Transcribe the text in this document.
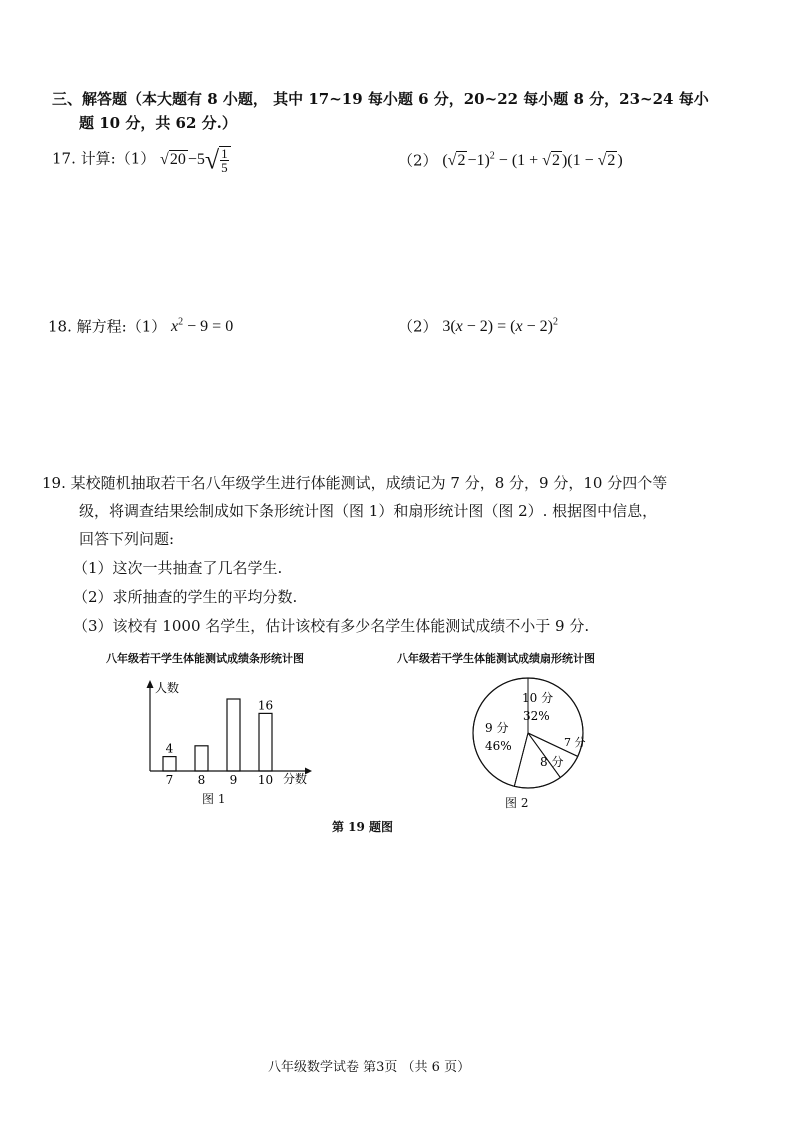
三、解答题（本大题有 8 小题， 其中 17~19 每小题 6 分，20~22 每小题 8 分，23~24 每小
题 10 分，共 62 分.）
17. 计算:（1） $√20 -5√ \frac{1}{5}$	（2） $(√2 -1)^2 - (1 + √2$ )(1 − √2 )
18. 解方程:（1） $x^2 - 9 = 0$	（2） $3(x - 2) = (x - 2)^2$
19. 某校随机抽取若干名八年级学生进行体能测试，成绩记为 7 分，8 分，9 分，10 分四个等
级，将调查结果绘制成如下条形统计图（图 1）和扇形统计图（图 2）. 根据图中信息，
回答下列问题:
（1）这次一共抽查了几名学生.
（2）求所抽查的学生的平均分数.
（3）该校有 1000 名学生，估计该校有多少名学生体能测试成绩不小于 9 分.
八年级若干学生体能测试成绩条形统计图
7
4
8 9 10
16
人数
分数
图 1
八年级若干学生体能测试成绩扇形统计图
10 分
32%
7 分
8 分
9 分
46%
图 2
第 19 题图
八年级数学试卷 第3页 （共 6 页）
